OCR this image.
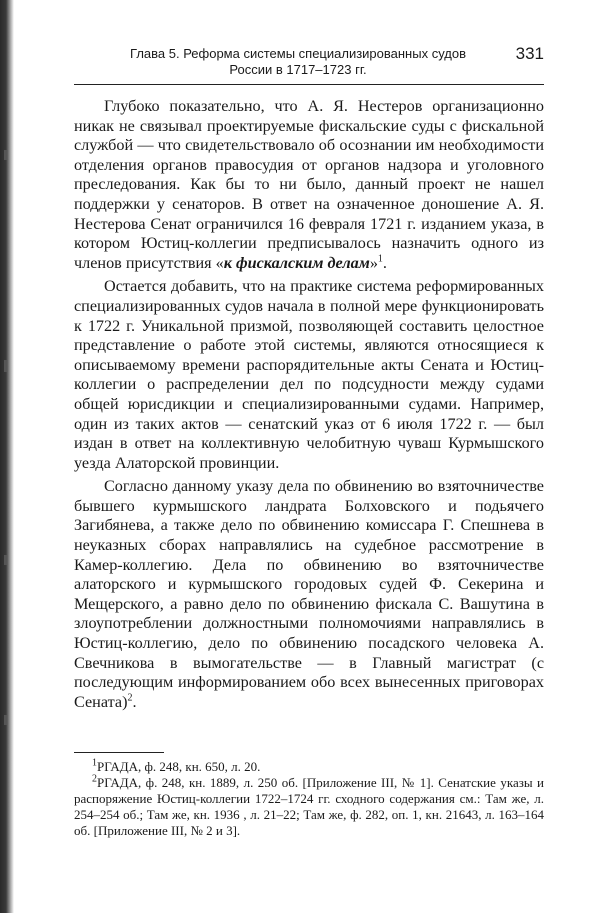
Глава 5. Реформа системы специализированных судов
России в 1717–1723 гг.
331

Глубоко показательно, что А. Я. Нестеров организационно никак не связывал проектируемые фискальские суды с фискальной службой — что свидетельствовало об осознании им необходимости отделения органов правосудия от органов надзора и уголовного преследования. Как бы то ни было, данный проект не нашел поддержки у сенаторов. В ответ на означенное доношение А. Я. Нестерова Сенат ограничился 16 февраля 1721 г. изданием указа, в котором Юстиц-коллегии предписывалось назначить одного из членов присутствия «к фискалским делам»$^1$.

Остается добавить, что на практике система реформированных специализированных судов начала в полной мере функционировать к 1722 г. Уникальной призмой, позволяющей составить целостное представление о работе этой системы, являются относящиеся к описываемому времени распорядительные акты Сената и Юстиц-коллегии о распределении дел по подсудности между судами общей юрисдикции и специализированными судами. Например, один из таких актов — сенатский указ от 6 июля 1722 г. — был издан в ответ на коллективную челобитную чуваш Курмышского уезда Алаторской провинции.

Согласно данному указу дела по обвинению во взяточничестве бывшего курмышского ландрата Болховского и подьячего Загибянева, а также дело по обвинению комиссара Г. Спешнева в неуказных сборах направлялись на судебное рассмотрение в Камер-коллегию. Дела по обвинению во взяточничестве алаторского и курмышского городовых судей Ф. Секерина и Мещерского, а равно дело по обвинению фискала С. Вашутина в злоупотреблении должностными полномочиями направлялись в Юстиц-коллегию, дело по обвинению посадского человека А. Свечникова в вымогательстве — в Главный магистрат (с последующим информированием обо всех вынесенных приговорах Сената)$^2$.

$^1$РГАДА, ф. 248, кн. 650, л. 20.

$^2$РГАДА, ф. 248, кн. 1889, л. 250 об. [Приложение III, № 1]. Сенатские указы и распоряжение Юстиц-коллегии 1722–1724 гг. сходного содержания см.: Там же, л. 254–254 об.; Там же, кн. 1936 , л. 21–22; Там же, ф. 282, оп. 1, кн. 21643, л. 163–164 об. [Приложение III, № 2 и 3].
